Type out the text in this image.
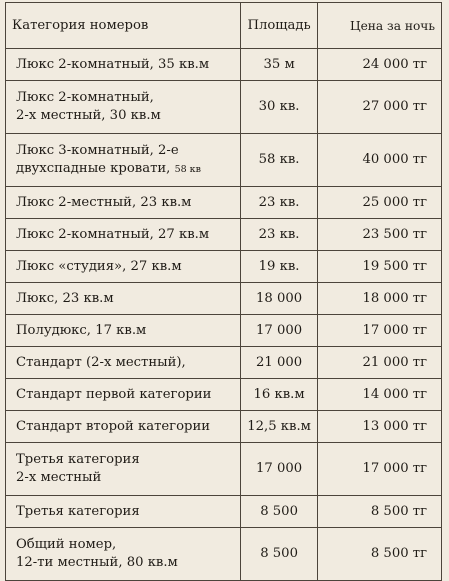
Категория номеров	Площадь	Цена за ночь
Люкс 2-комнатный, 35 кв.м	35 м	24 000 тг
Люкс 2-комнатный,
2-х местный, 30 кв.м	30 кв.	27 000 тг
Люкс 3-комнатный, 2-е
двухспадные кровати, 58 кв	58 кв.	40 000 тг
Люкс 2-местный, 23 кв.м	23 кв.	25 000 тг
Люкс 2-комнатный, 27 кв.м	23 кв.	23 500 тг
Люкс «студия», 27 кв.м	19 кв.	19 500 тг
Люкс, 23 кв.м	18 000	18 000 тг
Полудюкс, 17 кв.м	17 000	17 000 тг
Стандарт (2-х местный),	21 000	21 000 тг
Стандарт первой категории	16 кв.м	14 000 тг
Стандарт второй категории	12,5 кв.м	13 000 тг
Третья категория
2-х местный	17 000	17 000 тг
Третья категория	8 500	8 500 тг
Общий номер,
12-ти местный, 80 кв.м	8 500	8 500 тг
